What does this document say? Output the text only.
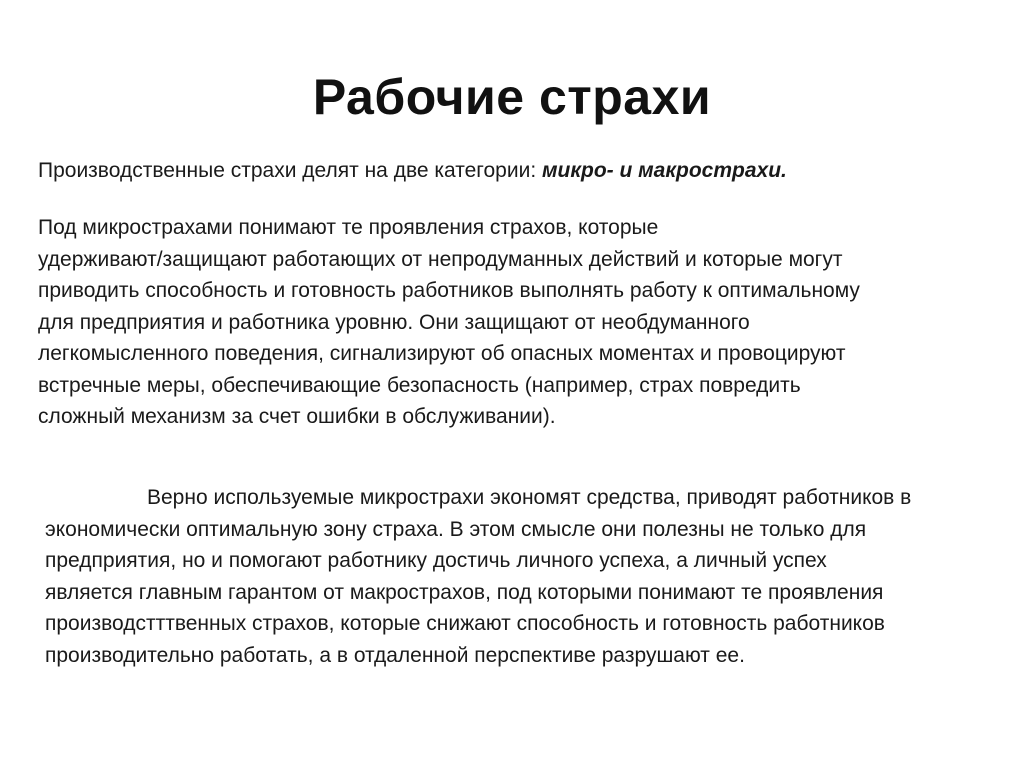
Рабочие страхи
Производственные страхи делят на две категории: микро- и макрострахи.
Под микрострахами понимают те проявления страхов, которые
удерживают/защищают работающих от непродуманных действий и которые могут
приводить способность и готовность работников выполнять работу к оптимальному
для предприятия и работника уровню. Они защищают от необдуманного
легкомысленного поведения, сигнализируют об опасных моментах и провоцируют
встречные меры, обеспечивающие безопасность (например, страх повредить
сложный механизм за счет ошибки в обслуживании).
Верно используемые микрострахи экономят средства, приводят работников в
экономически оптимальную зону страха. В этом смысле они полезны не только для
предприятия, но и помогают работнику достичь личного успеха, а личный успех
является главным гарантом от макрострахов, под которыми понимают те проявления
производстттвенных страхов, которые снижают способность и готовность работников
производительно работать, а в отдаленной перспективе разрушают ее.
